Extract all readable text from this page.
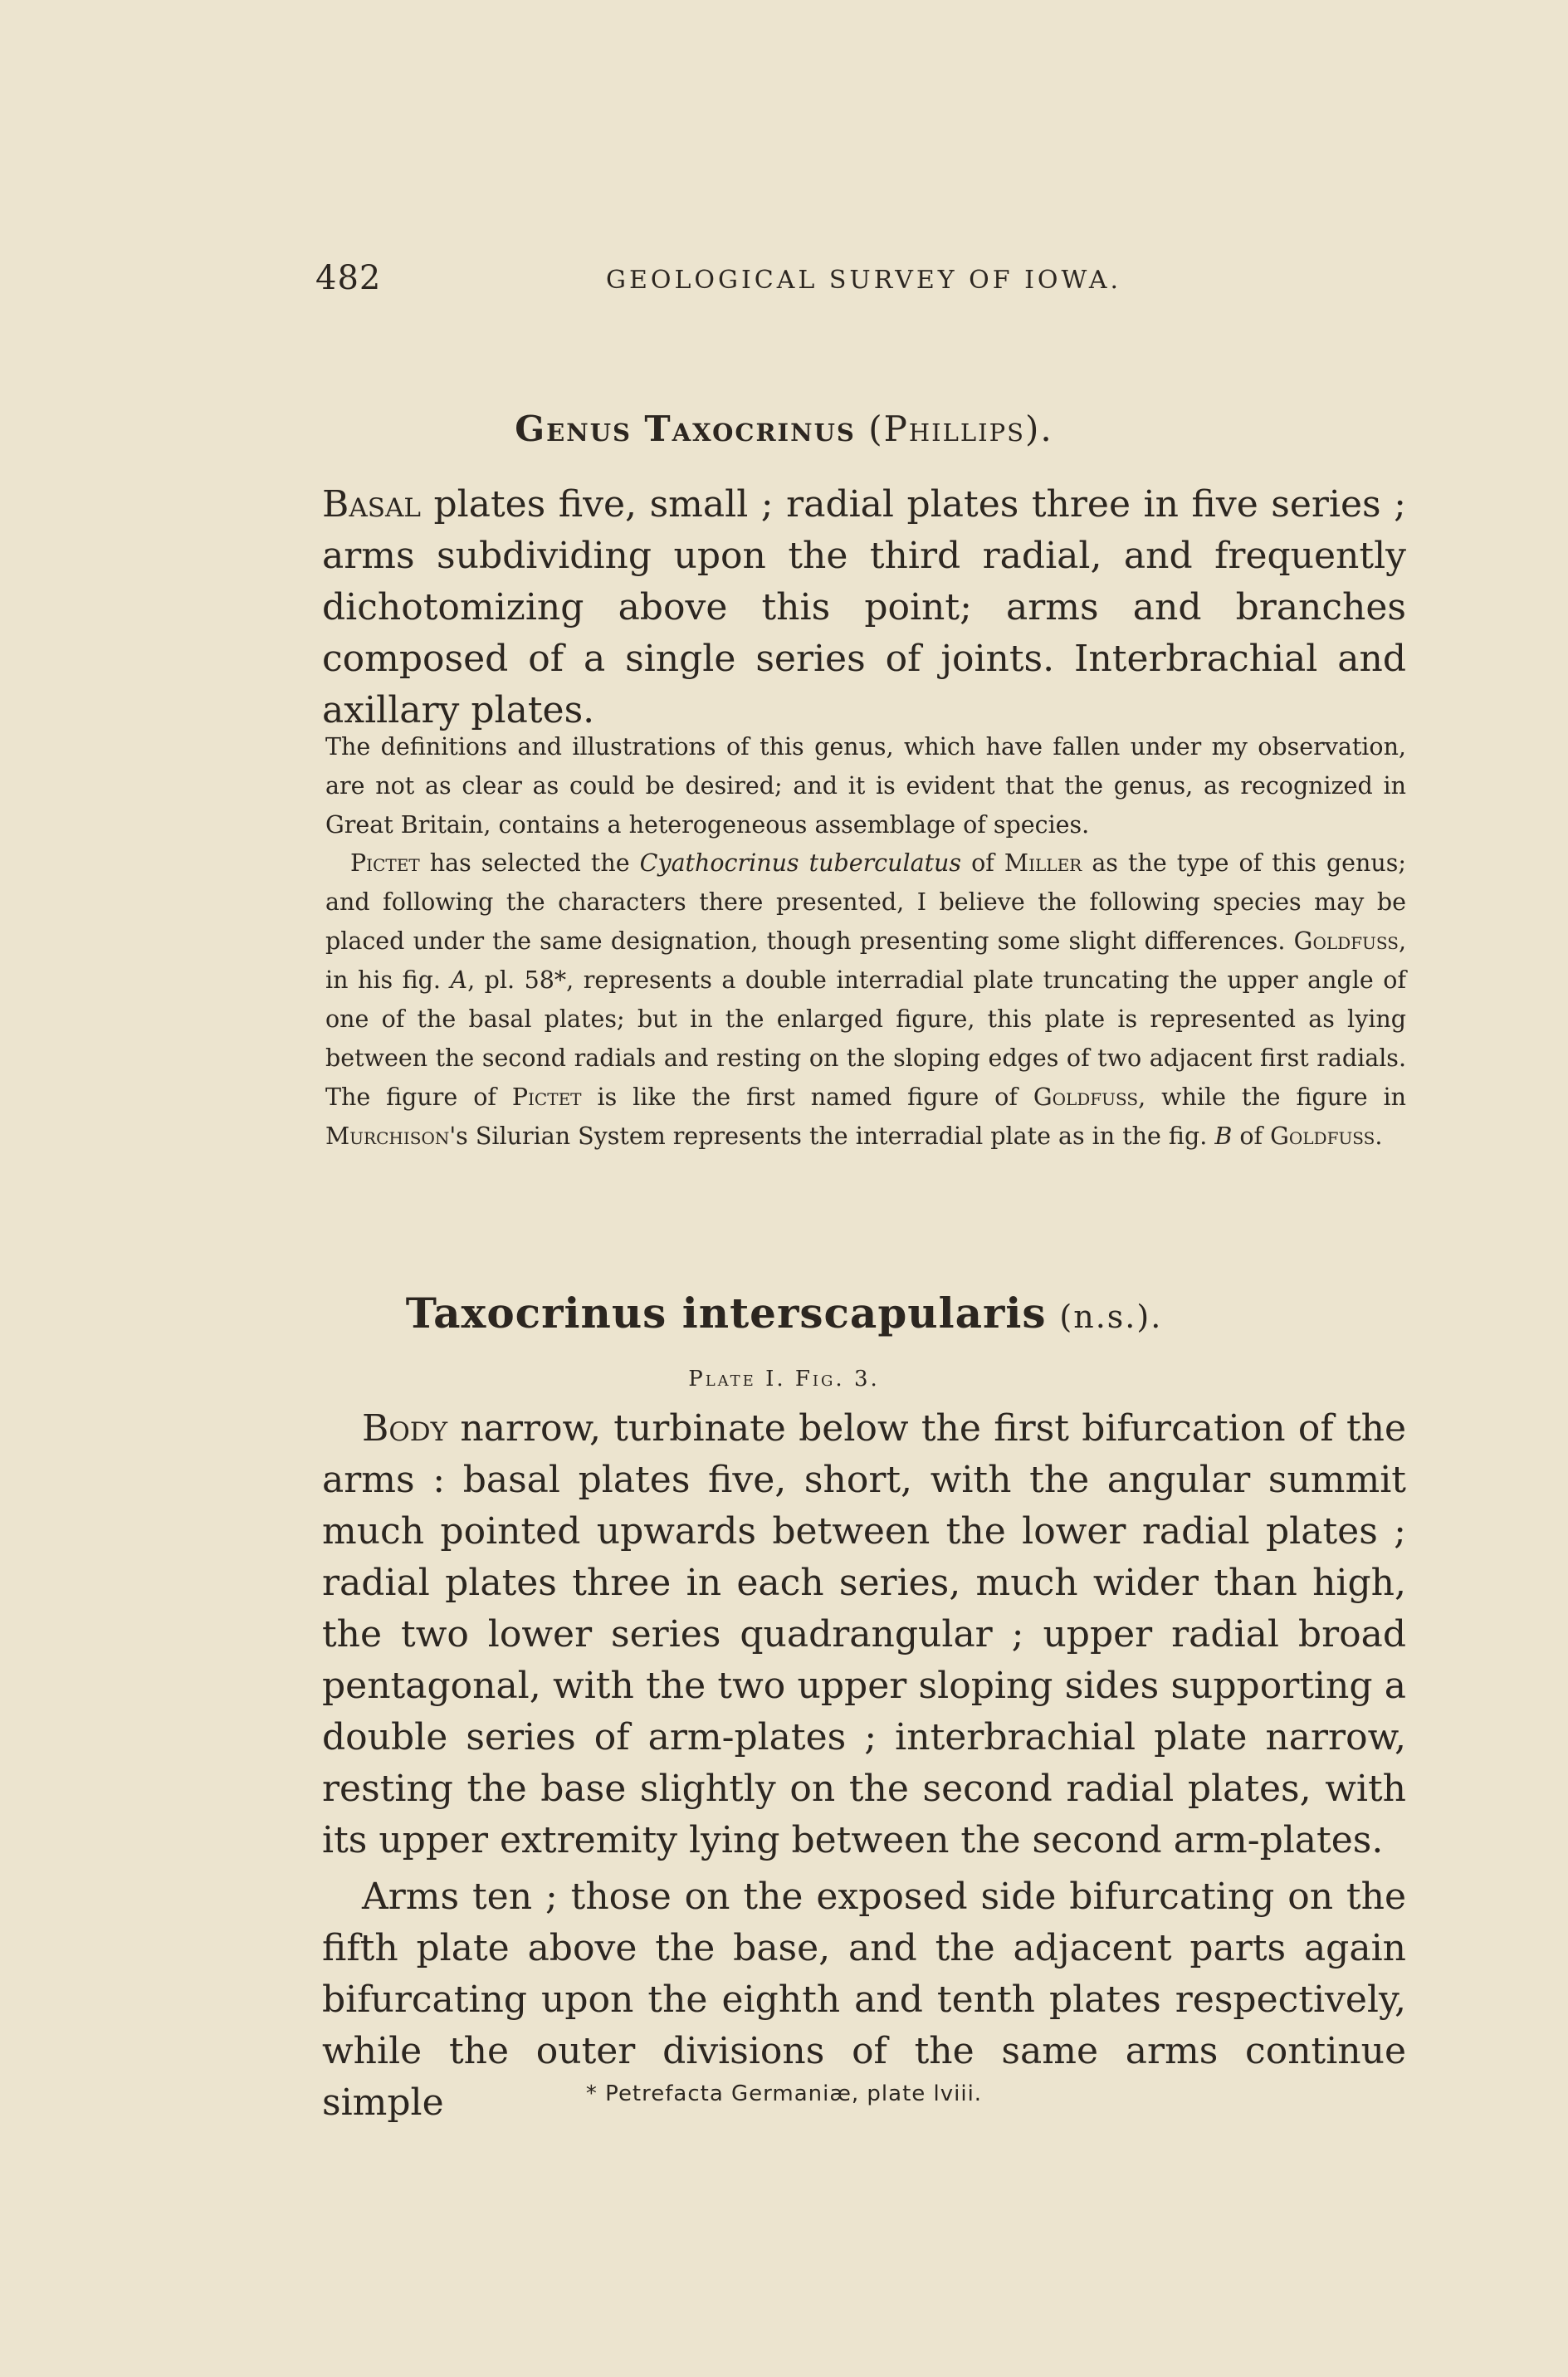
482	GEOLOGICAL SURVEY OF IOWA.
Genus Taxocrinus (Phillips).

Basal plates five, small ; radial plates three in five series ; arms subdividing upon the third radial, and frequently dichotomizing above this point; arms and branches composed of a single series of joints. Interbrachial and axillary plates.

The definitions and illustrations of this genus, which have fallen under my observation, are not as clear as could be desired; and it is evident that the genus, as recognized in Great Britain, contains a heterogeneous assemblage of species.

Pictet has selected the Cyathocrinus tuberculatus of Miller as the type of this genus; and following the characters there presented, I believe the following species may be placed under the same designation, though presenting some slight differences. Goldfuss, in his fig. A, pl. 58*, represents a double interradial plate truncating the upper angle of one of the basal plates; but in the enlarged figure, this plate is represented as lying between the second radials and resting on the sloping edges of two adjacent first radials. The figure of Pictet is like the first named figure of Goldfuss, while the figure in Murchison's Silurian System represents the interradial plate as in the fig. B of Goldfuss.

Taxocrinus interscapularis (n.s.).
Plate I. Fig. 3.

Body narrow, turbinate below the first bifurcation of the arms : basal plates five, short, with the angular summit much pointed upwards between the lower radial plates ; radial plates three in each series, much wider than high, the two lower series quadrangular ; upper radial broad pentagonal, with the two upper sloping sides supporting a double series of arm-plates ; interbrachial plate narrow, resting the base slightly on the second radial plates, with its upper extremity lying between the second arm-plates.

Arms ten ; those on the exposed side bifurcating on the fifth plate above the base, and the adjacent parts again bifurcating upon the eighth and tenth plates respectively, while the outer divisions of the same arms continue simple	* Petrefacta Germaniæ, plate lviii.
